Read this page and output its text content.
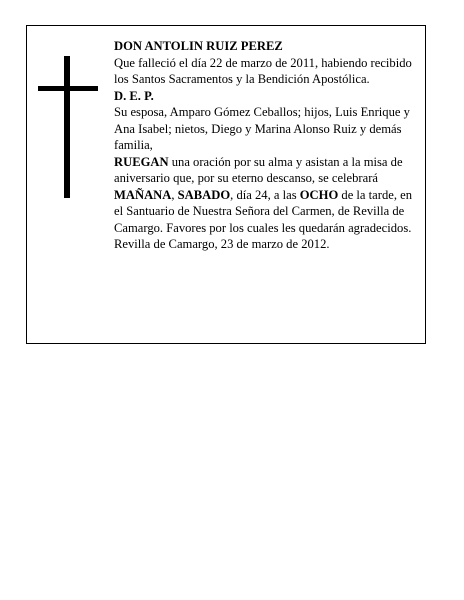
DON ANTOLIN RUIZ PEREZ

Que falleció el día 22 de marzo de 2011, habiendo recibido los Santos Sacramentos y la Bendición Apostólica.

D. E. P.

Su esposa, Amparo Gómez Ceballos; hijos, Luis Enrique y Ana Isabel; nietos, Diego y Marina Alonso Ruiz y demás familia,

RUEGAN una oración por su alma y asistan a la misa de aniversario que, por su eterno descanso, se celebrará MAÑANA, SABADO, día 24, a las OCHO de la tarde, en el Santuario de Nuestra Señora del Carmen, de Revilla de Camargo. Favores por los cuales les quedarán agradecidos.

Revilla de Camargo, 23 de marzo de 2012.
